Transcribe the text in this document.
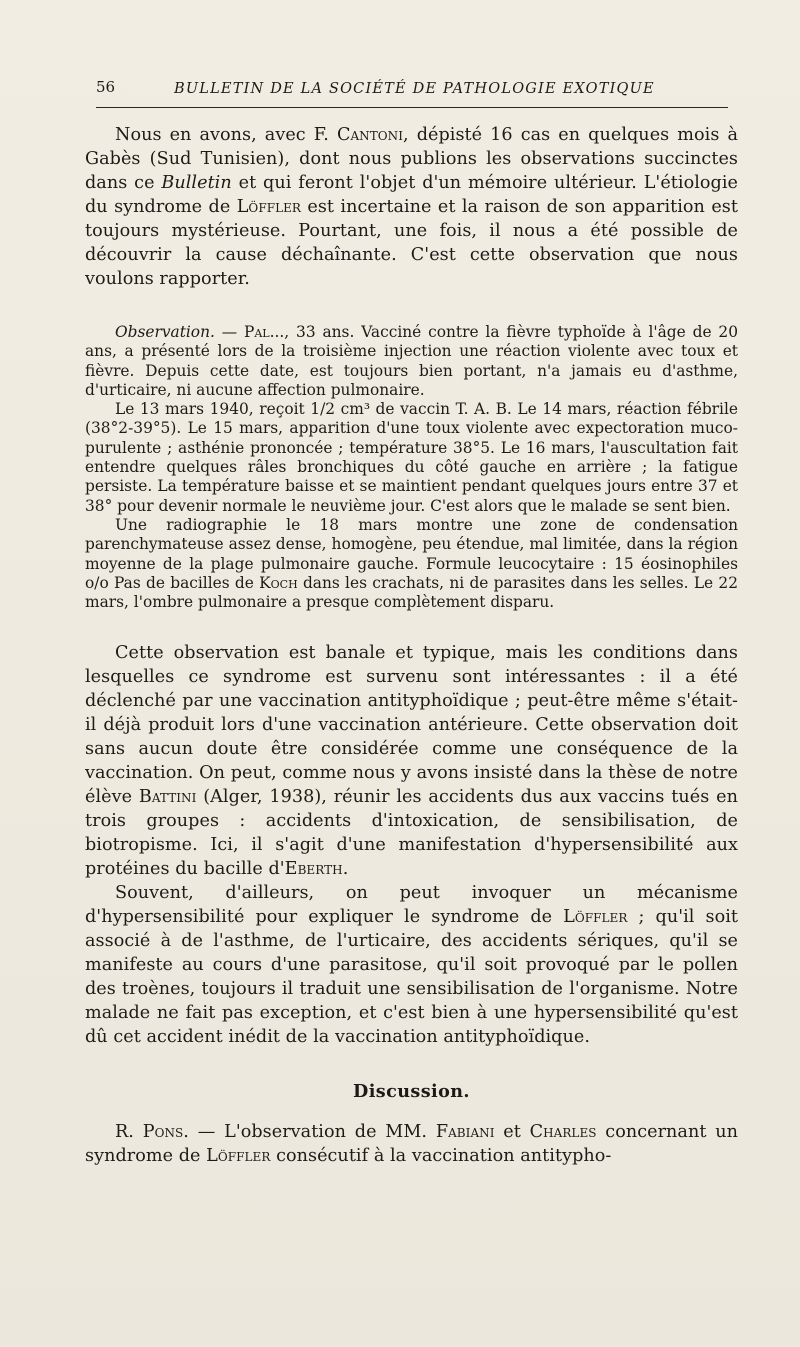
56	BULLETIN DE LA SOCIÉTÉ DE PATHOLOGIE EXOTIQUE

Nous en avons, avec F. Cantoni, dépisté 16 cas en quelques mois à Gabès (Sud Tunisien), dont nous publions les observations succinctes dans ce Bulletin et qui feront l'objet d'un mémoire ultérieur. L'étiologie du syndrome de Löffler est incertaine et la raison de son apparition est toujours mystérieuse. Pourtant, une fois, il nous a été possible de découvrir la cause déchaînante. C'est cette observation que nous voulons rapporter.

Observation. — Pal..., 33 ans. Vacciné contre la fièvre typhoïde à l'âge de 20 ans, a présenté lors de la troisième injection une réaction violente avec toux et fièvre. Depuis cette date, est toujours bien portant, n'a jamais eu d'asthme, d'urticaire, ni aucune affection pulmonaire.

Le 13 mars 1940, reçoit 1/2 cm³ de vaccin T. A. B. Le 14 mars, réaction fébrile (38°2-39°5). Le 15 mars, apparition d'une toux violente avec expectoration muco-purulente ; asthénie prononcée ; température 38°5. Le 16 mars, l'auscultation fait entendre quelques râles bronchiques du côté gauche en arrière ; la fatigue persiste. La température baisse et se maintient pendant quelques jours entre 37 et 38° pour devenir normale le neuvième jour. C'est alors que le malade se sent bien.

Une radiographie le 18 mars montre une zone de condensation parenchymateuse assez dense, homogène, peu étendue, mal limitée, dans la région moyenne de la plage pulmonaire gauche. Formule leucocytaire : 15 éosinophiles o/o Pas de bacilles de Koch dans les crachats, ni de parasites dans les selles. Le 22 mars, l'ombre pulmonaire a presque complètement disparu.

Cette observation est banale et typique, mais les conditions dans lesquelles ce syndrome est survenu sont intéressantes : il a été déclenché par une vaccination antityphoïdique ; peut-être même s'était-il déjà produit lors d'une vaccination antérieure. Cette observation doit sans aucun doute être considérée comme une conséquence de la vaccination. On peut, comme nous y avons insisté dans la thèse de notre élève Battini (Alger, 1938), réunir les accidents dus aux vaccins tués en trois groupes : accidents d'intoxication, de sensibilisation, de biotropisme. Ici, il s'agit d'une manifestation d'hypersensibilité aux protéines du bacille d'Eberth.

Souvent, d'ailleurs, on peut invoquer un mécanisme d'hypersensibilité pour expliquer le syndrome de Löffler ; qu'il soit associé à de l'asthme, de l'urticaire, des accidents sériques, qu'il se manifeste au cours d'une parasitose, qu'il soit provoqué par le pollen des troènes, toujours il traduit une sensibilisation de l'organisme. Notre malade ne fait pas exception, et c'est bien à une hypersensibilité qu'est dû cet accident inédit de la vaccination antityphoïdique.

Discussion.

R. Pons. — L'observation de MM. Fabiani et Charles concernant un syndrome de Löffler consécutif à la vaccination antitypho-
